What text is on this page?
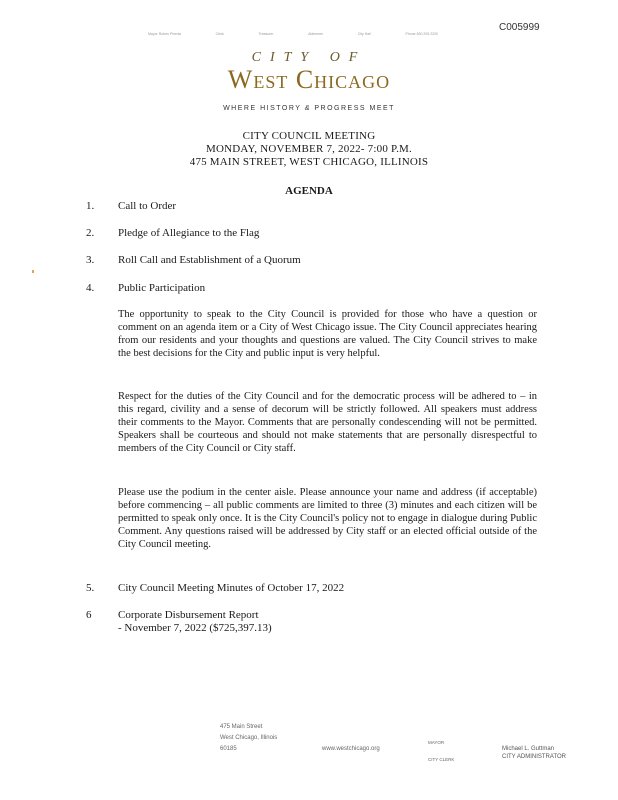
C005999
Mayor Ruben Pineda	Clerk	Treasurer	Aldermen	City Hall	Phone 630.293.2200
CITY OF
West Chicago
WHERE HISTORY & PROGRESS MEET
CITY COUNCIL MEETING
MONDAY, NOVEMBER 7, 2022- 7:00 P.M.
475 MAIN STREET, WEST CHICAGO, ILLINOIS
AGENDA
1. Call to Order
2. Pledge of Allegiance to the Flag
3. Roll Call and Establishment of a Quorum
4. Public Participation
The opportunity to speak to the City Council is provided for those who have a question or comment on an agenda item or a City of West Chicago issue. The City Council appreciates hearing from our residents and your thoughts and questions are valued. The City Council strives to make the best decisions for the City and public input is very helpful.
Respect for the duties of the City Council and for the democratic process will be adhered to – in this regard, civility and a sense of decorum will be strictly followed. All speakers must address their comments to the Mayor. Comments that are personally condescending will not be permitted. Speakers shall be courteous and should not make statements that are personally disrespectful to members of the City Council or City staff.
Please use the podium in the center aisle. Please announce your name and address (if acceptable) before commencing – all public comments are limited to three (3) minutes and each citizen will be permitted to speak only once. It is the City Council's policy not to engage in dialogue during Public Comment. Any questions raised will be addressed by City staff or an elected official outside of the City Council meeting.
5. City Council Meeting Minutes of October 17, 2022
6 Corporate Disbursement Report
- November 7, 2022 ($725,397.13)
475 Main Street
West Chicago, Illinois
60185	www.westchicago.org
MAYOR
CITY CLERK
Michael L. Guttman
CITY ADMINISTRATOR
